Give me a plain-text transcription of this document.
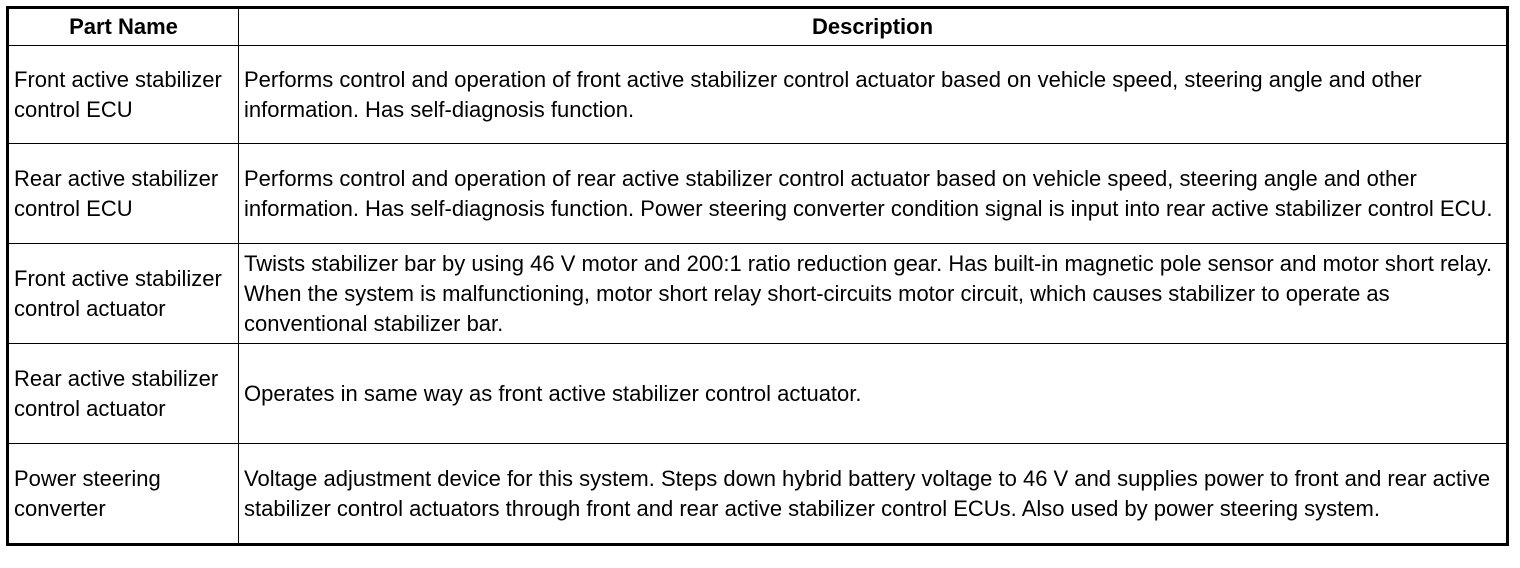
Part Name	Description
Front active stabilizer control ECU	Performs control and operation of front active stabilizer control actuator based on vehicle speed, steering angle and other information. Has self-diagnosis function.
Rear active stabilizer control ECU	Performs control and operation of rear active stabilizer control actuator based on vehicle speed, steering angle and other information. Has self-diagnosis function. Power steering converter condition signal is input into rear active stabilizer control ECU.
Front active stabilizer control actuator	Twists stabilizer bar by using 46 V motor and 200:1 ratio reduction gear. Has built-in magnetic pole sensor and motor short relay. When the system is malfunctioning, motor short relay short-circuits motor circuit, which causes stabilizer to operate as conventional stabilizer bar.
Rear active stabilizer control actuator	Operates in same way as front active stabilizer control actuator.
Power steering converter	Voltage adjustment device for this system. Steps down hybrid battery voltage to 46 V and supplies power to front and rear active stabilizer control actuators through front and rear active stabilizer control ECUs. Also used by power steering system.
